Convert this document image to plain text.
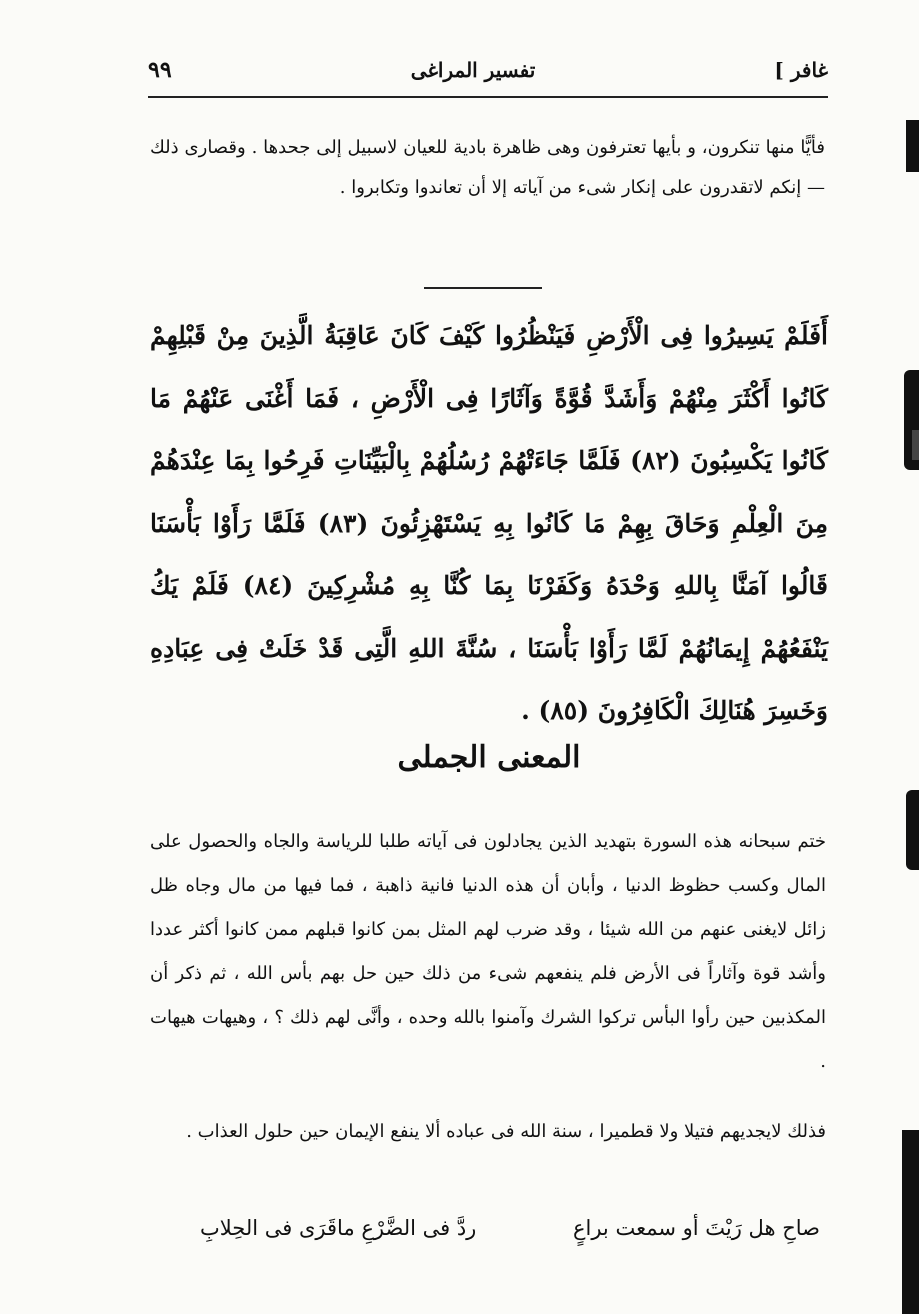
غافر ]
تفسير المراغى
٩٩

فأيًّا منها تنكرون، و بأيها تعترفون وهى ظاهرة بادية للعيان لاسبيل إلى جحدها . وقصارى ذلك — إنكم لاتقدرون على إنكار شىء من آياته إلا أن تعاندوا وتكابروا .

أَفَلَمْ يَسِيرُوا فِى الْأَرْضِ فَيَنْظُرُوا كَيْفَ كَانَ عَاقِبَةُ الَّذِينَ مِنْ قَبْلِهِمْ كَانُوا أَكْثَرَ مِنْهُمْ وَأَشَدَّ قُوَّةً وَآثَارًا فِى الْأَرْضِ ، فَمَا أَغْنَى عَنْهُمْ مَا كَانُوا يَكْسِبُونَ (٨٢) فَلَمَّا جَاءَتْهُمْ رُسُلُهُمْ بِالْبَيِّنَاتِ فَرِحُوا بِمَا عِنْدَهُمْ مِنَ الْعِلْمِ وَحَاقَ بِهِمْ مَا كَانُوا بِهِ يَسْتَهْزِئُونَ (٨٣) فَلَمَّا رَأَوْا بَأْسَنَا قَالُوا آمَنَّا بِاللهِ وَحْدَهُ وَكَفَرْنَا بِمَا كُنَّا بِهِ مُشْرِكِينَ (٨٤) فَلَمْ يَكُ يَنْفَعُهُمْ إِيمَانُهُمْ لَمَّا رَأَوْا بَأْسَنَا ، سُنَّةَ اللهِ الَّتِى قَدْ خَلَتْ فِى عِبَادِهِ وَخَسِرَ هُنَالِكَ الْكَافِرُونَ (٨٥) .

المعنى الجملى

ختم سبحانه هذه السورة بتهديد الذين يجادلون فى آياته طلبا للرياسة والجاه والحصول على المال وكسب حظوظ الدنيا ، وأبان أن هذه الدنيا فانية ذاهبة ، فما فيها من مال وجاه ظل زائل لايغنى عنهم من الله شيئا ، وقد ضرب لهم المثل بمن كانوا قبلهم ممن كانوا أكثر عددا وأشد قوة وآثاراً فى الأرض فلم ينفعهم شىء من ذلك حين حل بهم بأس الله ، ثم ذكر أن المكذبين حين رأوا البأس تركوا الشرك وآمنوا بالله وحده ، وأنَّى لهم ذلك ؟ ، وهيهات هيهات .

فذلك لايجديهم فتيلا ولا قطميرا ، سنة الله فى عباده ألا ينفع الإيمان حين حلول العذاب .

صاحِ هل رَيْتَ أو سمعت براعٍ
ردَّ فى الضَّرْعِ ماقَرَى فى الحِلابِ
